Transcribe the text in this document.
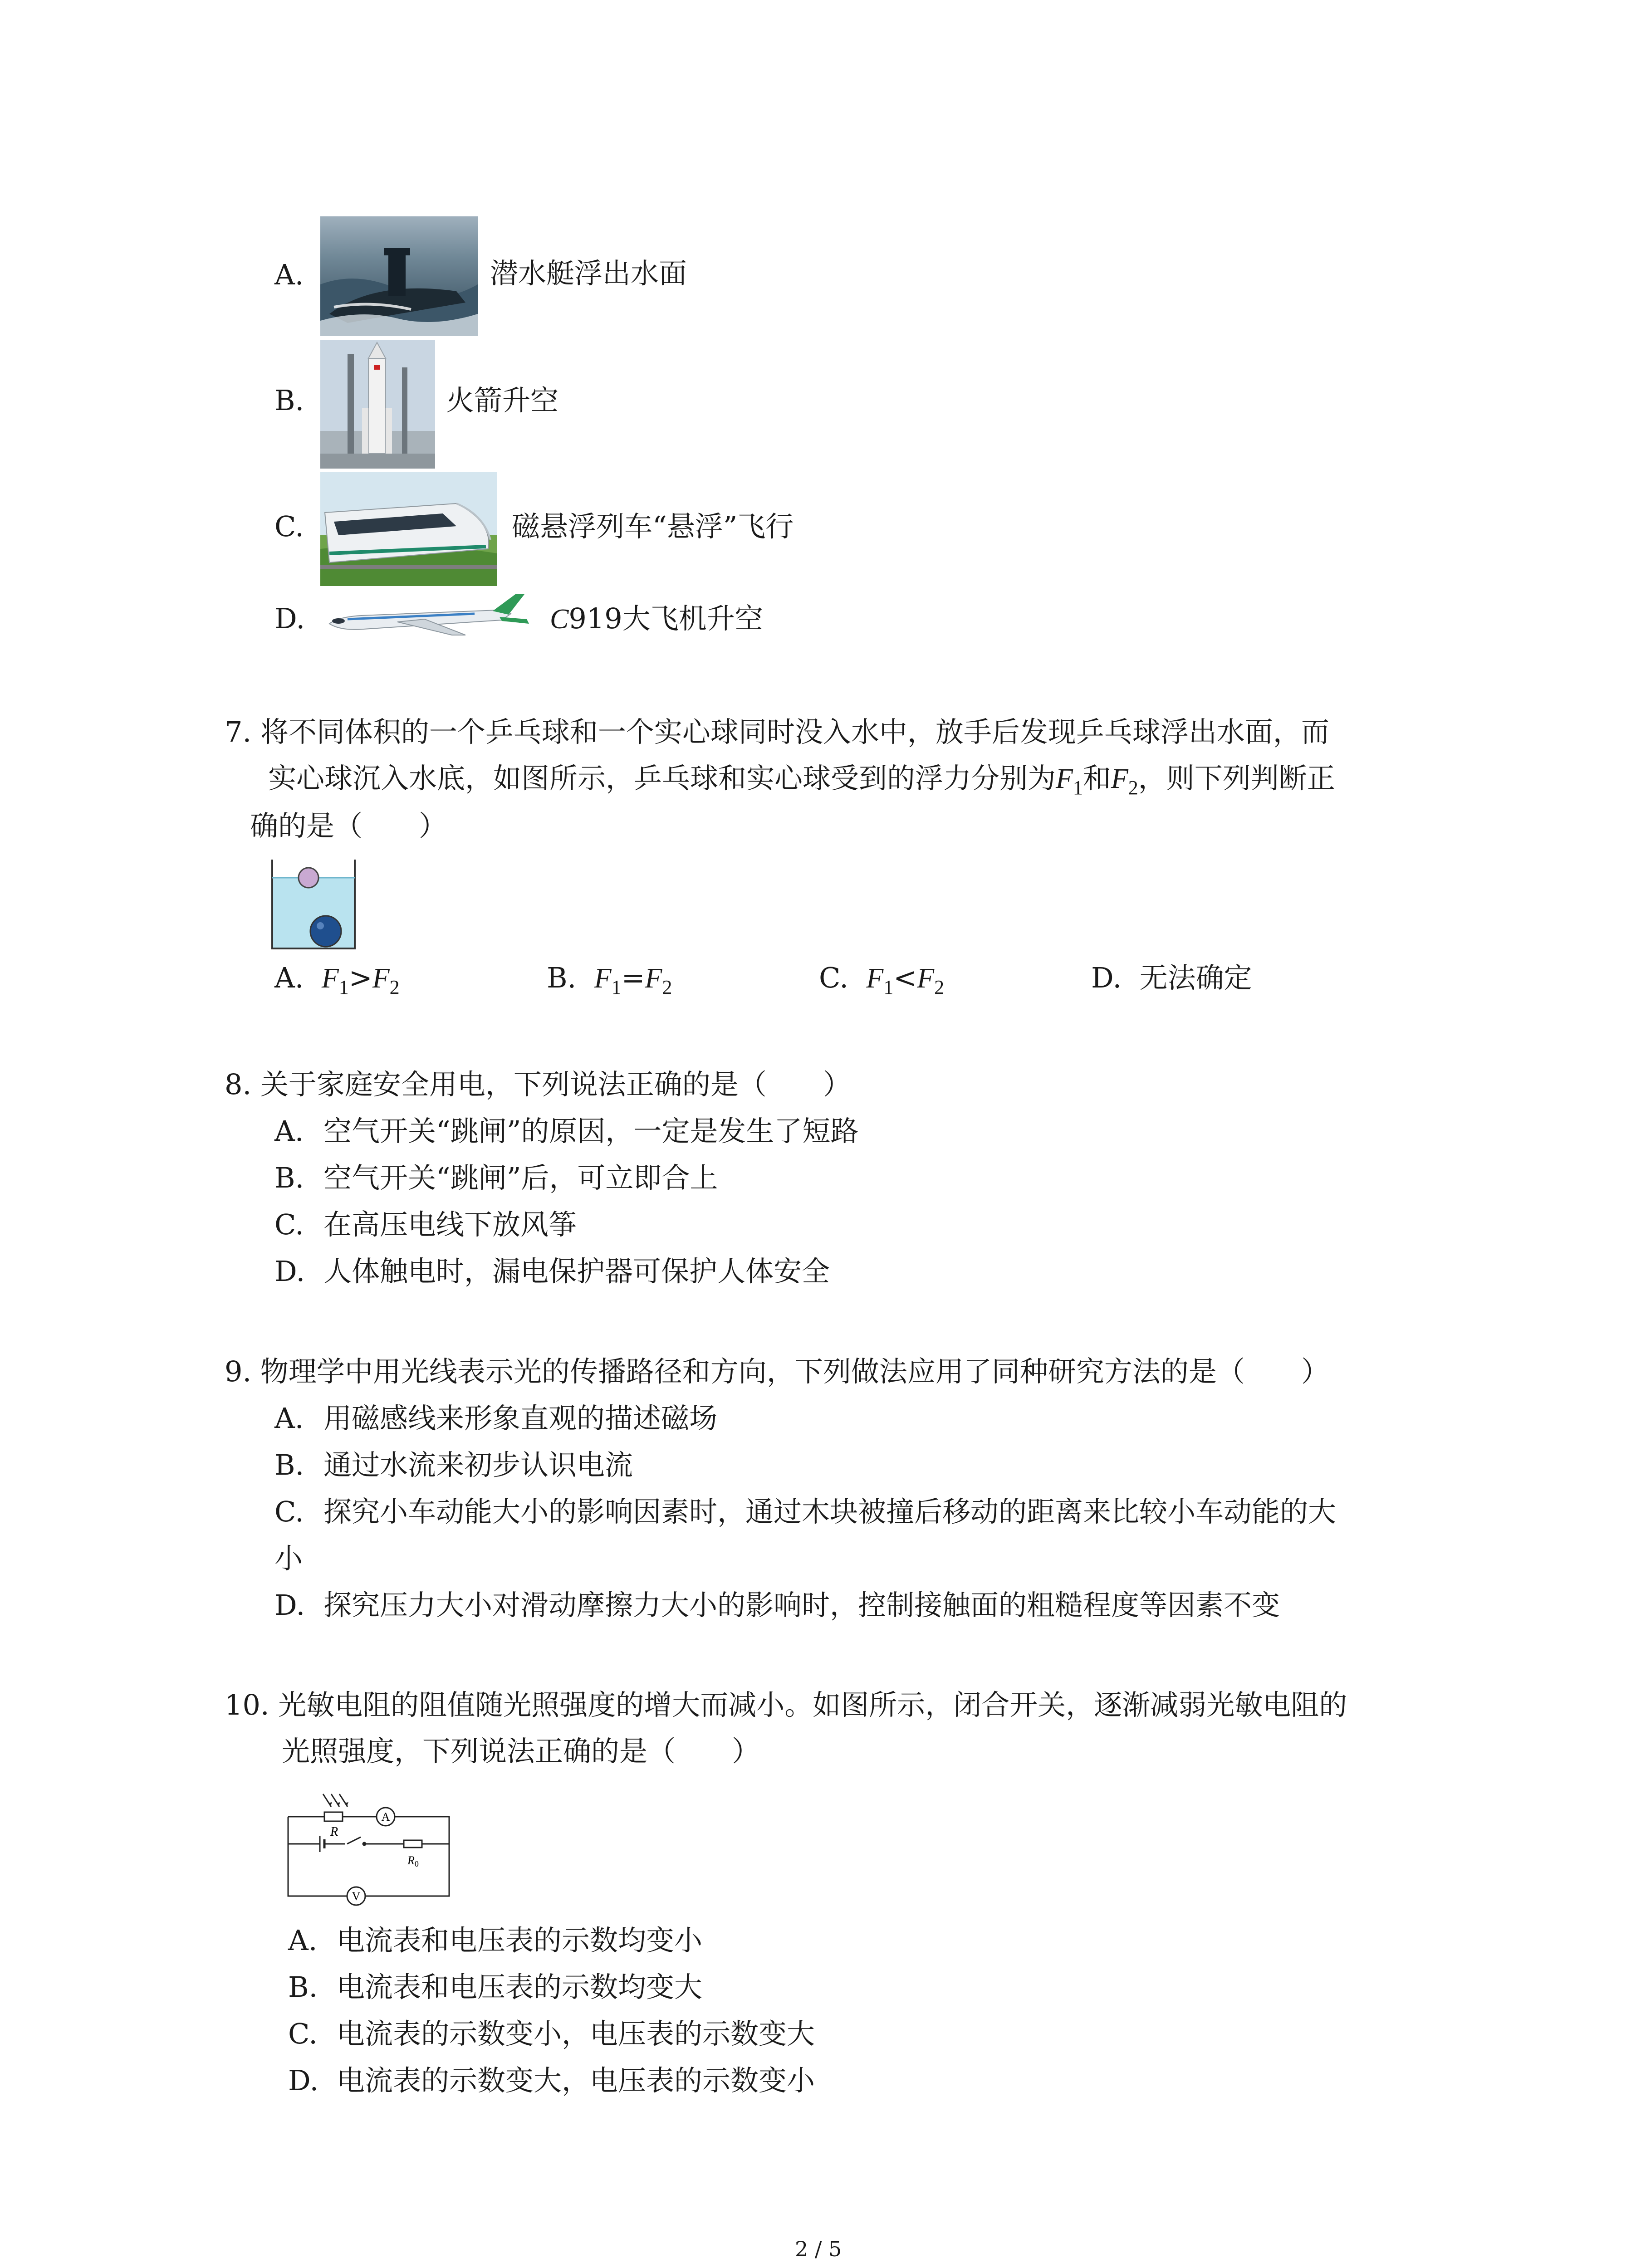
A.	潜水艇浮出水面
B.	火箭升空
C.	磁悬浮列车“悬浮”飞行
D.	C919大飞机升空
7. 将不同体积的一个乒乓球和一个实心球同时没入水中，放手后发现乒乓球浮出水面，而
实心球沉入水底，如图所示，乒乓球和实心球受到的浮力分别为$F_1$和$F_2$，则下列判断正
确的是（　　）
A. $F_1>F_2$	B. $F_1=F_2$	C. $F_1<F_2$	D. 无法确定
8. 关于家庭安全用电，下列说法正确的是（　　）
A. 空气开关“跳闸”的原因，一定是发生了短路
B. 空气开关“跳闸”后，可立即合上
C. 在高压电线下放风筝
D. 人体触电时，漏电保护器可保护人体安全
9. 物理学中用光线表示光的传播路径和方向，下列做法应用了同种研究方法的是（　　）
A. 用磁感线来形象直观的描述磁场
B. 通过水流来初步认识电流
C. 探究小车动能大小的影响因素时，通过木块被撞后移动的距离来比较小车动能的大
小
D. 探究压力大小对滑动摩擦力大小的影响时，控制接触面的粗糙程度等因素不变
10. 光敏电阻的阻值随光照强度的增大而减小。如图所示，闭合开关，逐渐减弱光敏电阻的
光照强度，下列说法正确的是（　　）
A
V
R
R0
A. 电流表和电压表的示数均变小
B. 电流表和电压表的示数均变大
C. 电流表的示数变小，电压表的示数变大
D. 电流表的示数变大，电压表的示数变小
2 / 5
